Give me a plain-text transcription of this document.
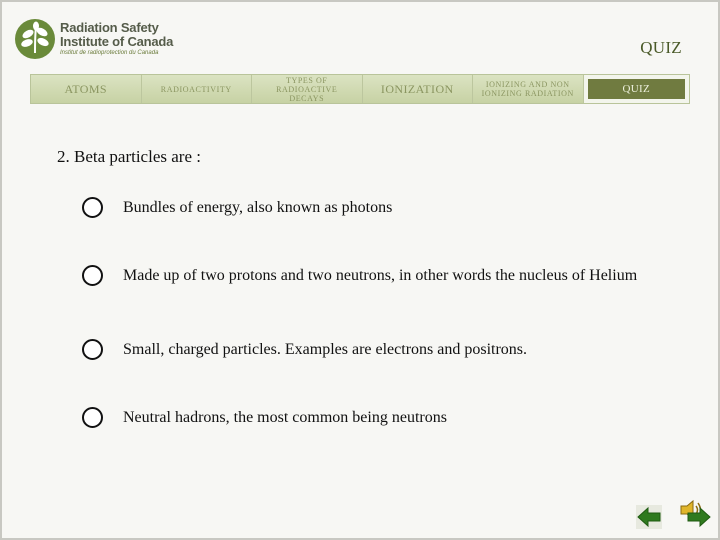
Radiation Safety
Institute of Canada
Institut de radioprotection du Canada	QUIZ
ATOMS	RADIOACTIVITY
TYPES OF RADIOACTIVE DECAYS
IONIZATION	IONIZING AND NON IONIZING RADIATION	QUIZ
2. Beta particles are :
Bundles of energy, also known as photons
Made up of two protons and two neutrons, in other words the nucleus of Helium
Small, charged particles. Examples are electrons and positrons.
Neutral hadrons, the most common being neutrons
